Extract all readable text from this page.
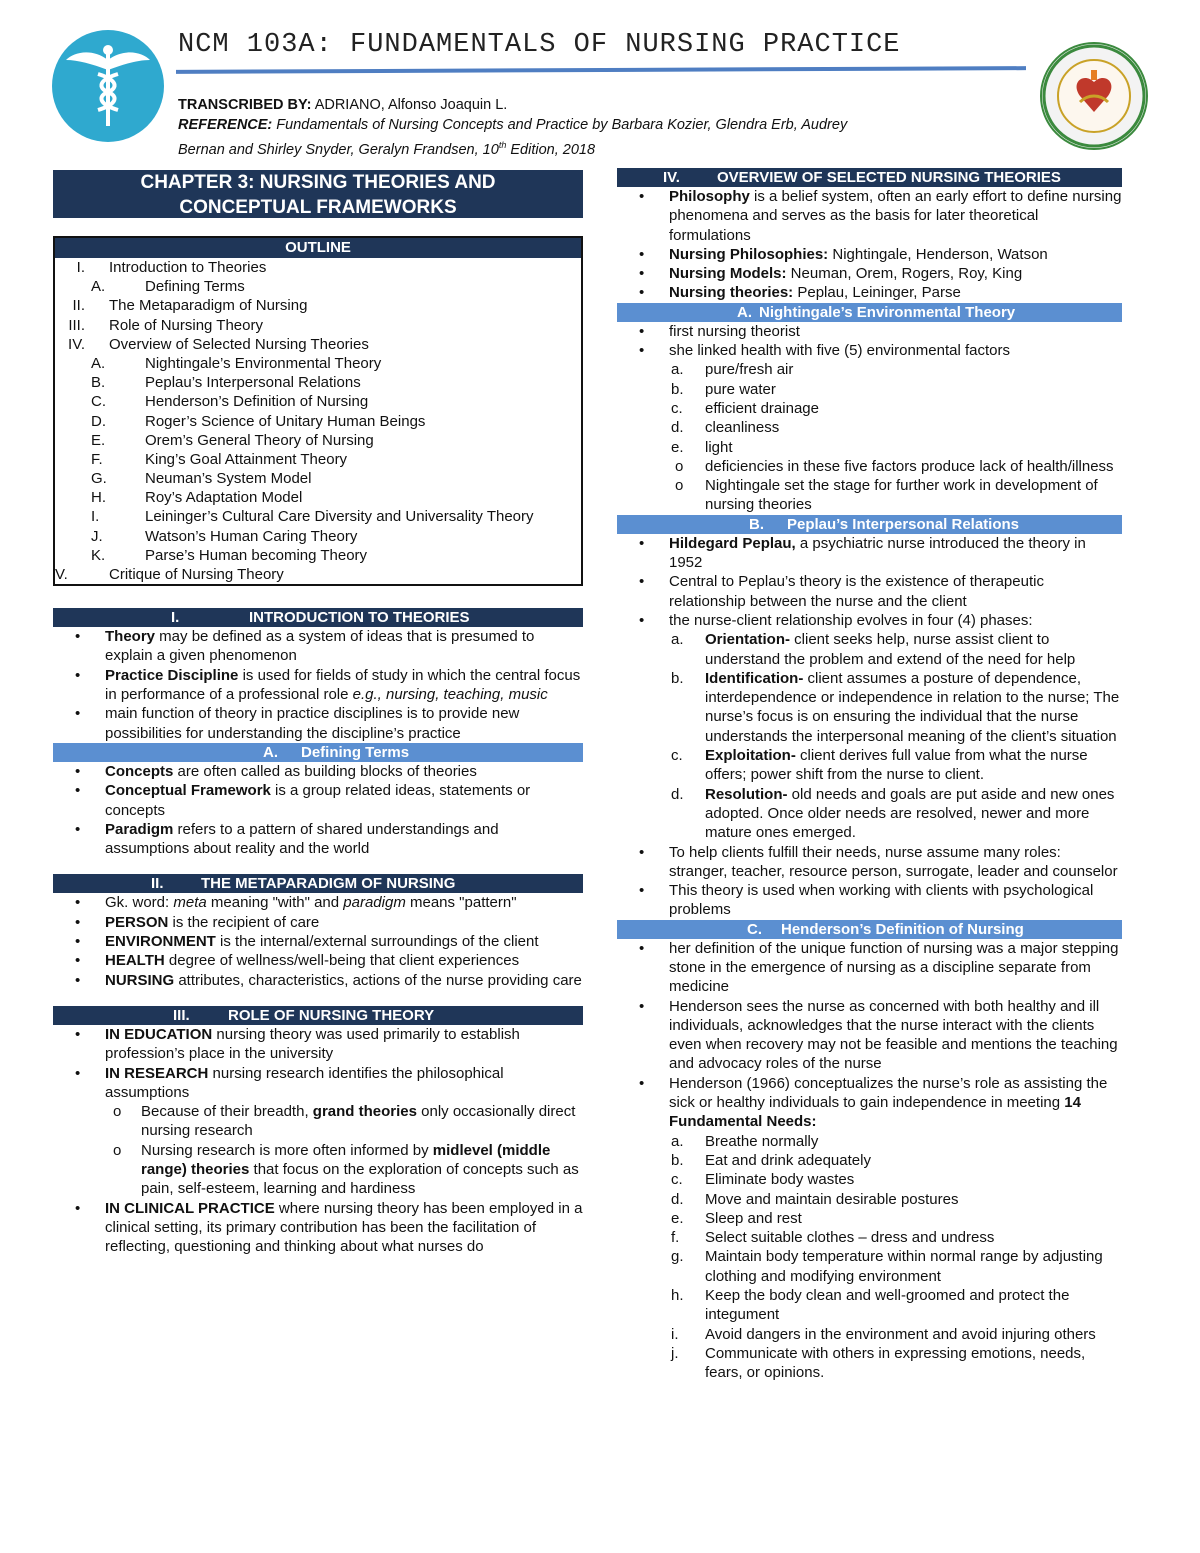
NCM 103A: FUNDAMENTALS OF NURSING PRACTICE
TRANSCRIBED BY: ADRIANO, Alfonso Joaquin L.
REFERENCE: Fundamentals of Nursing Concepts and Practice by Barbara Kozier, Glendra Erb, Audrey
Bernan and Shirley Snyder, Geralyn Frandsen, 10th Edition, 2018
CHAPTER 3: NURSING THEORIES AND
CONCEPTUAL FRAMEWORKS
OUTLINE
I. Introduction to Theories
A.	Defining Terms
II. The Metaparadigm of Nursing
III. Role of Nursing Theory
IV. Overview of Selected Nursing Theories
A.	Nightingale’s Environmental Theory
B.	Peplau’s Interpersonal Relations
C.	Henderson’s Definition of Nursing
D.	Roger’s Science of Unitary Human Beings
E.	Orem’s General Theory of Nursing
F.	King’s Goal Attainment Theory
G.	Neuman’s System Model
H.	Roy’s Adaptation Model
I.	Leininger’s Cultural Care Diversity and Universality Theory
J.	Watson’s Human Caring Theory
K.	Parse’s Human becoming Theory
V.	Critique of Nursing Theory
I.	INTRODUCTION TO THEORIES
•	Theory may be defined as a system of ideas that is presumed to explain a given phenomenon
•	Practice Discipline is used for fields of study in which the central focus in performance of a professional role e.g., nursing, teaching, music
•	main function of theory in practice disciplines is to provide new possibilities for understanding the discipline’s practice
A. Defining Terms
•	Concepts are often called as building blocks of theories
•	Conceptual Framework is a group related ideas, statements or concepts
•	Paradigm refers to a pattern of shared understandings and assumptions about reality and the world
II. THE METAPARADIGM OF NURSING
•	Gk. word: meta meaning "with" and paradigm means "pattern"
•	PERSON is the recipient of care
•	ENVIRONMENT is the internal/external surroundings of the client
•	HEALTH degree of wellness/well-being that client experiences
•	NURSING attributes, characteristics, actions of the nurse providing care
III.	ROLE OF NURSING THEORY
•	IN EDUCATION nursing theory was used primarily to establish profession’s place in the university
•	IN RESEARCH nursing research identifies the philosophical assumptions
o	Because of their breadth, grand theories only occasionally direct nursing research
o	Nursing research is more often informed by midlevel (middle range) theories that focus on the exploration of concepts such as pain, self-esteem, learning and hardiness
•	IN CLINICAL PRACTICE where nursing theory has been employed in a clinical setting, its primary contribution has been the facilitation of reflecting, questioning and thinking about what nurses do
IV. OVERVIEW OF SELECTED NURSING THEORIES
•	Philosophy is a belief system, often an early effort to define nursing phenomena and serves as the basis for later theoretical formulations
•	Nursing Philosophies: Nightingale, Henderson, Watson
•	Nursing Models: Neuman, Orem, Rogers, Roy, King
•	Nursing theories: Peplau, Leininger, Parse
A. Nightingale’s Environmental Theory
•	first nursing theorist
•	she linked health with five (5) environmental factors
a.	pure/fresh air
b.	pure water
c.	efficient drainage
d.	cleanliness
e.	light
o	deficiencies in these five factors produce lack of health/illness
o	Nightingale set the stage for further work in development of nursing theories
B. Peplau’s Interpersonal Relations
•	Hildegard Peplau, a psychiatric nurse introduced the theory in 1952
•	Central to Peplau’s theory is the existence of therapeutic relationship between the nurse and the client
•	the nurse-client relationship evolves in four (4) phases:
a.	Orientation- client seeks help, nurse assist client to understand the problem and extend of the need for help
b.	Identification- client assumes a posture of dependence, interdependence or independence in relation to the nurse; The nurse’s focus is on ensuring the individual that the nurse understands the interpersonal meaning of the client’s situation
c.	Exploitation- client derives full value from what the nurse offers; power shift from the nurse to client.
d.	Resolution- old needs and goals are put aside and new ones adopted. Once older needs are resolved, newer and more mature ones emerged.
•	To help clients fulfill their needs, nurse assume many roles: stranger, teacher, resource person, surrogate, leader and counselor
•	This theory is used when working with clients with psychological problems
C. Henderson’s Definition of Nursing
•	her definition of the unique function of nursing was a major stepping stone in the emergence of nursing as a discipline separate from medicine
•	Henderson sees the nurse as concerned with both healthy and ill individuals, acknowledges that the nurse interact with the clients even when recovery may not be feasible and mentions the teaching and advocacy roles of the nurse
•	Henderson (1966) conceptualizes the nurse’s role as assisting the sick or healthy individuals to gain independence in meeting 14 Fundamental Needs:
a.	Breathe normally
b.	Eat and drink adequately
c.	Eliminate body wastes
d.	Move and maintain desirable postures
e.	Sleep and rest
f.	Select suitable clothes – dress and undress
g.	Maintain body temperature within normal range by adjusting clothing and modifying environment
h.	Keep the body clean and well-groomed and protect the integument
i.	Avoid dangers in the environment and avoid injuring others
j.	Communicate with others in expressing emotions, needs, fears, or opinions.
